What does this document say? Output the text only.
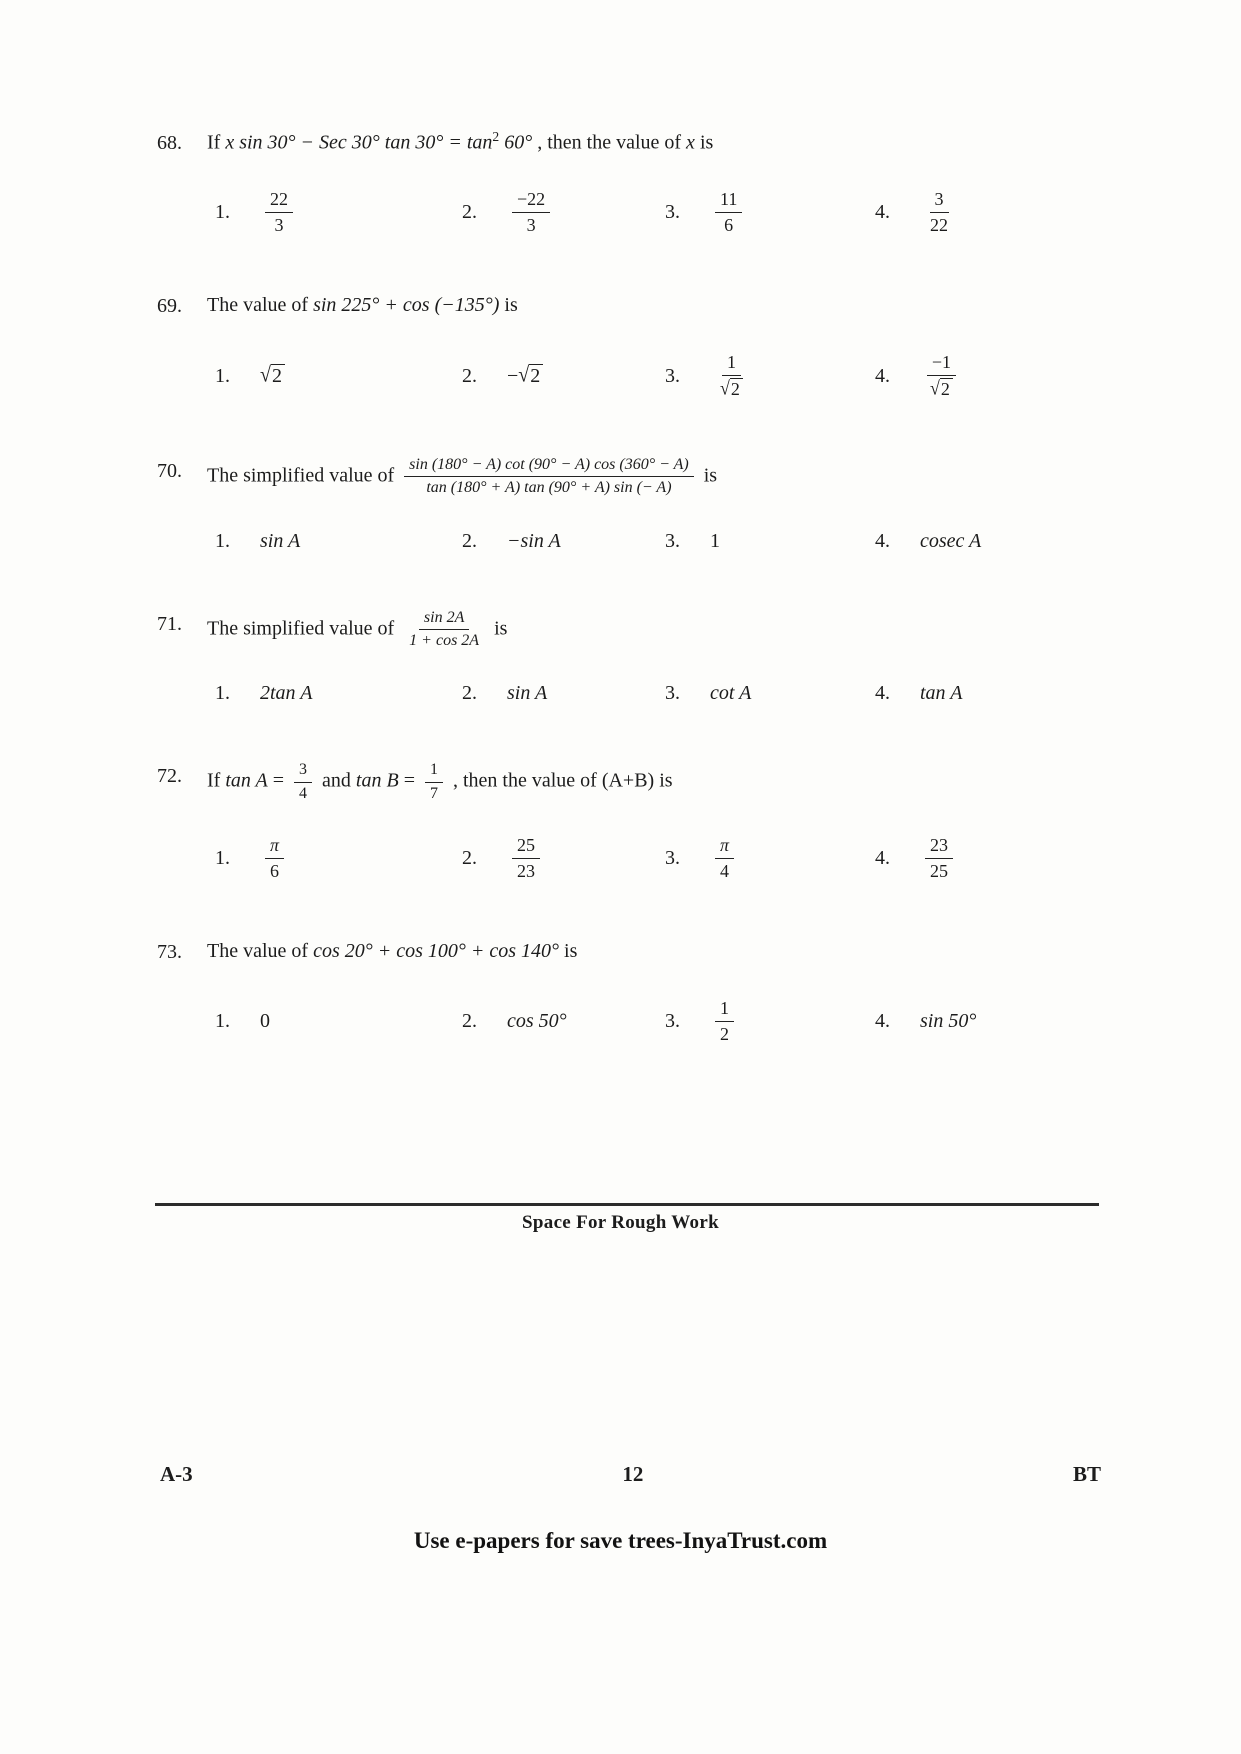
68.	If x sin 30° − Sec 30° $\tan 30^\circ = \tan^2 60^\circ$ , then the value of x is
1. $\frac{22}{3}$	2. $\frac{-22}{3}$	3. $\frac{11}{6}$	4. $\frac{3}{22}$
69.	The value of sin 225° + cos (−135°) is
1. √ 2	2. − √ 2	3. $\frac{1}{√ 2}$	4. $\frac{-1}{√ 2}$
70.	The simplified value of $\frac{\sin (180^\circ - A) \cot (90^\circ - A) \cos (360^\circ - A)}{\tan (180^\circ + A) \tan (90^\circ + A) \sin (- A)}$ is
1. sin A	2. −sin A	3. 1	4. cosec A
71.	The simplified value of $\frac{\sin 2A}{1 + \cos 2A}$ is
1. 2tan A	2. sin A	3. cot A	4. tan A
72.	If $\tan A = \frac{3}{4}$ and $\tan B = \frac{1}{7}$ , then the value of (A+B) is
1. $\frac{\pi}{6}$	2. $\frac{25}{23}$	3. $\frac{\pi}{4}$	4. $\frac{23}{25}$
73.	The value of cos 20° + cos 100° + cos 140° is
1. 0	2. cos 50°	3. $\frac{1}{2}$	4. sin 50°
Space For Rough Work
A-3	12	BT
Use e-papers for save trees-InyaTrust.com
